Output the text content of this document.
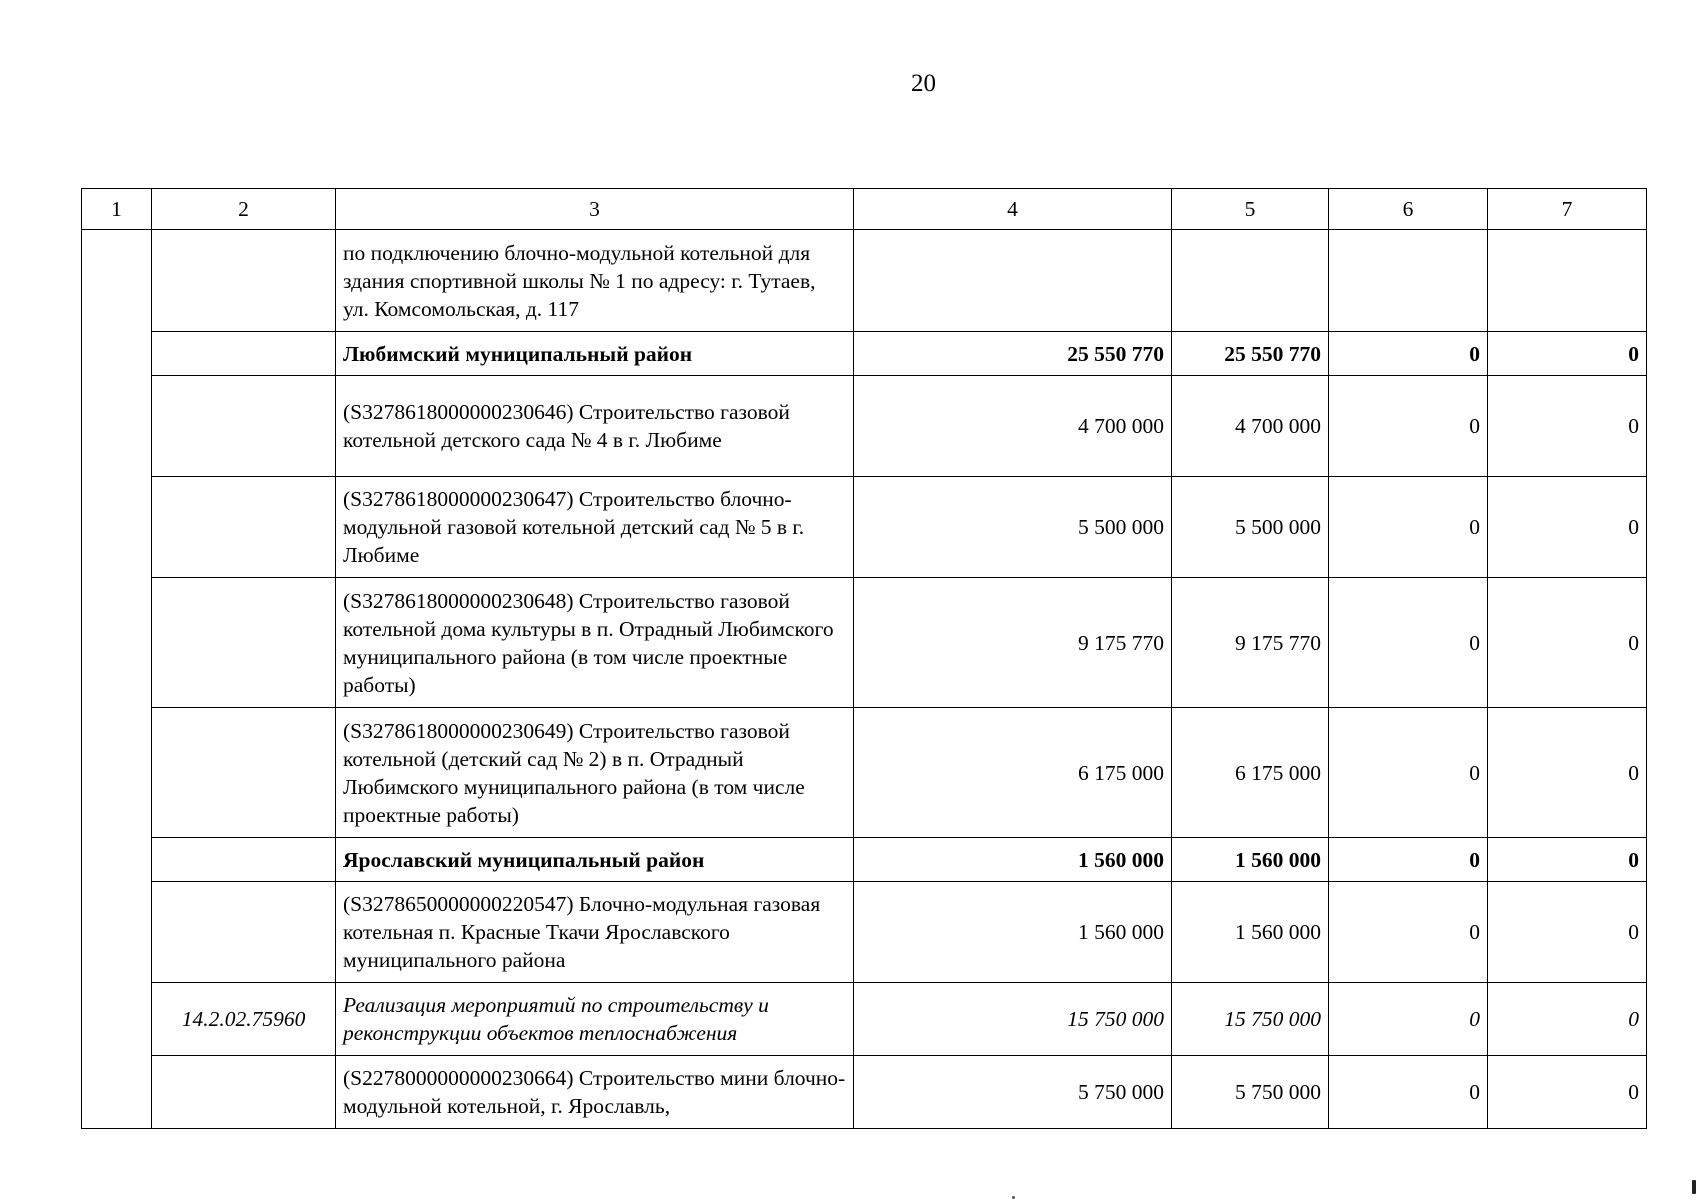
20
1	2	3	4	5	6	7
		по подключению блочно-модульной котельной для здания спортивной школы № 1 по адресу: г. Тутаев, ул. Комсомольская, д. 117				
		Любимский муниципальный район	25 550 770	25 550 770	0	0
		(S3278618000000230646) Строительство газовой котельной детского сада № 4 в г. Любиме	4 700 000	4 700 000	0	0
		(S3278618000000230647) Строительство блочно-модульной газовой котельной детский сад № 5 в г. Любиме	5 500 000	5 500 000	0	0
		(S3278618000000230648) Строительство газовой котельной дома культуры в п. Отрадный Любимского муниципального района (в том числе проектные работы)	9 175 770	9 175 770	0	0
		(S3278618000000230649) Строительство газовой котельной (детский сад № 2) в п. Отрадный Любимского муниципального района (в том числе проектные работы)	6 175 000	6 175 000	0	0
		Ярославский муниципальный район	1 560 000	1 560 000	0	0
		(S3278650000000220547) Блочно-модульная газовая котельная п. Красные Ткачи Ярославского муниципального района	1 560 000	1 560 000	0	0
	14.2.02.75960	Реализация мероприятий по строительству и реконструкции объектов теплоснабжения	15 750 000	15 750 000	0	0
		(S2278000000000230664) Строительство мини блочно-модульной котельной, г. Ярославль,	5 750 000	5 750 000	0	0
